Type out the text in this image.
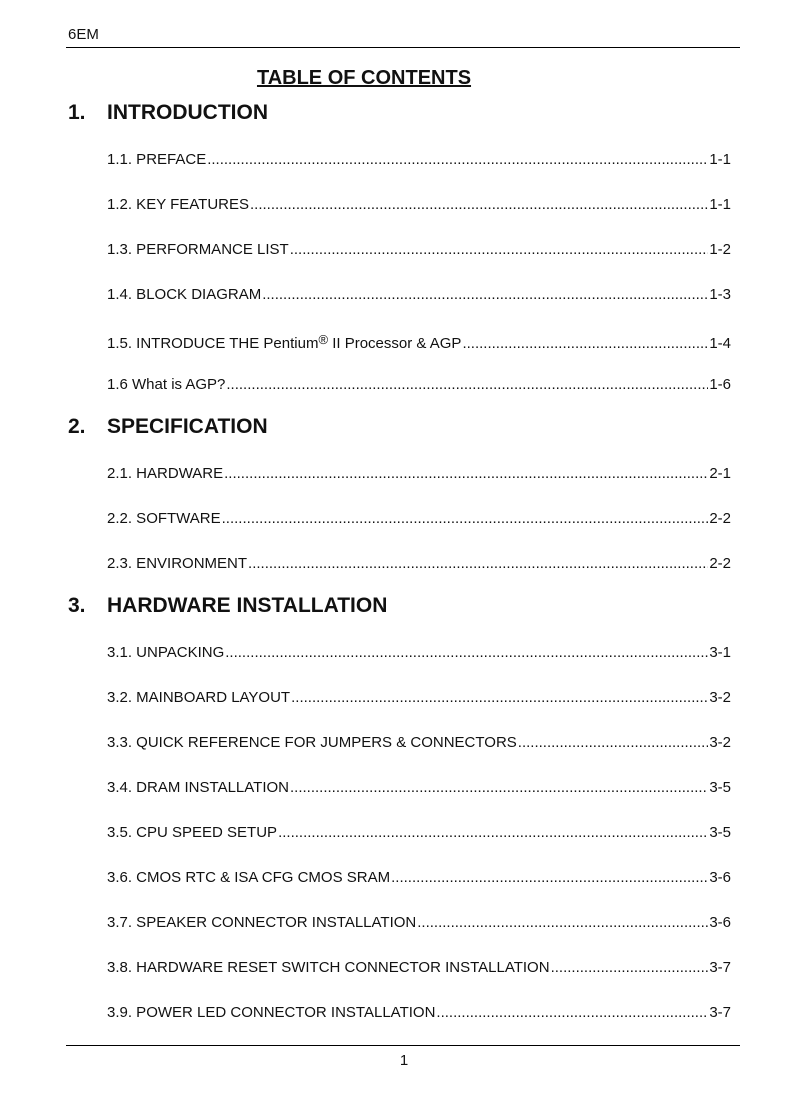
6EM
TABLE OF CONTENTS
1. INTRODUCTION
1.1. PREFACE .....	1-1
1.2. KEY FEATURES .....	1-1
1.3. PERFORMANCE LIST .....	1-2
1.4. BLOCK DIAGRAM .....	1-3
1.5. INTRODUCE THE Pentium® II Processor & AGP .....	1-4
1.6 What is AGP? .....	1-6
2. SPECIFICATION
2.1. HARDWARE .....	2-1
2.2. SOFTWARE .....	2-2
2.3. ENVIRONMENT .....	2-2
3. HARDWARE INSTALLATION
3.1. UNPACKING .....	3-1
3.2. MAINBOARD LAYOUT .....	3-2
3.3. QUICK REFERENCE FOR JUMPERS & CONNECTORS .....	3-2
3.4. DRAM INSTALLATION .....	3-5
3.5. CPU SPEED SETUP .....	3-5
3.6. CMOS RTC & ISA CFG CMOS SRAM .....	3-6
3.7. SPEAKER CONNECTOR INSTALLATION .....	3-6
3.8. HARDWARE RESET SWITCH CONNECTOR INSTALLATION .....	3-7
3.9. POWER LED CONNECTOR INSTALLATION .....	3-7
1
